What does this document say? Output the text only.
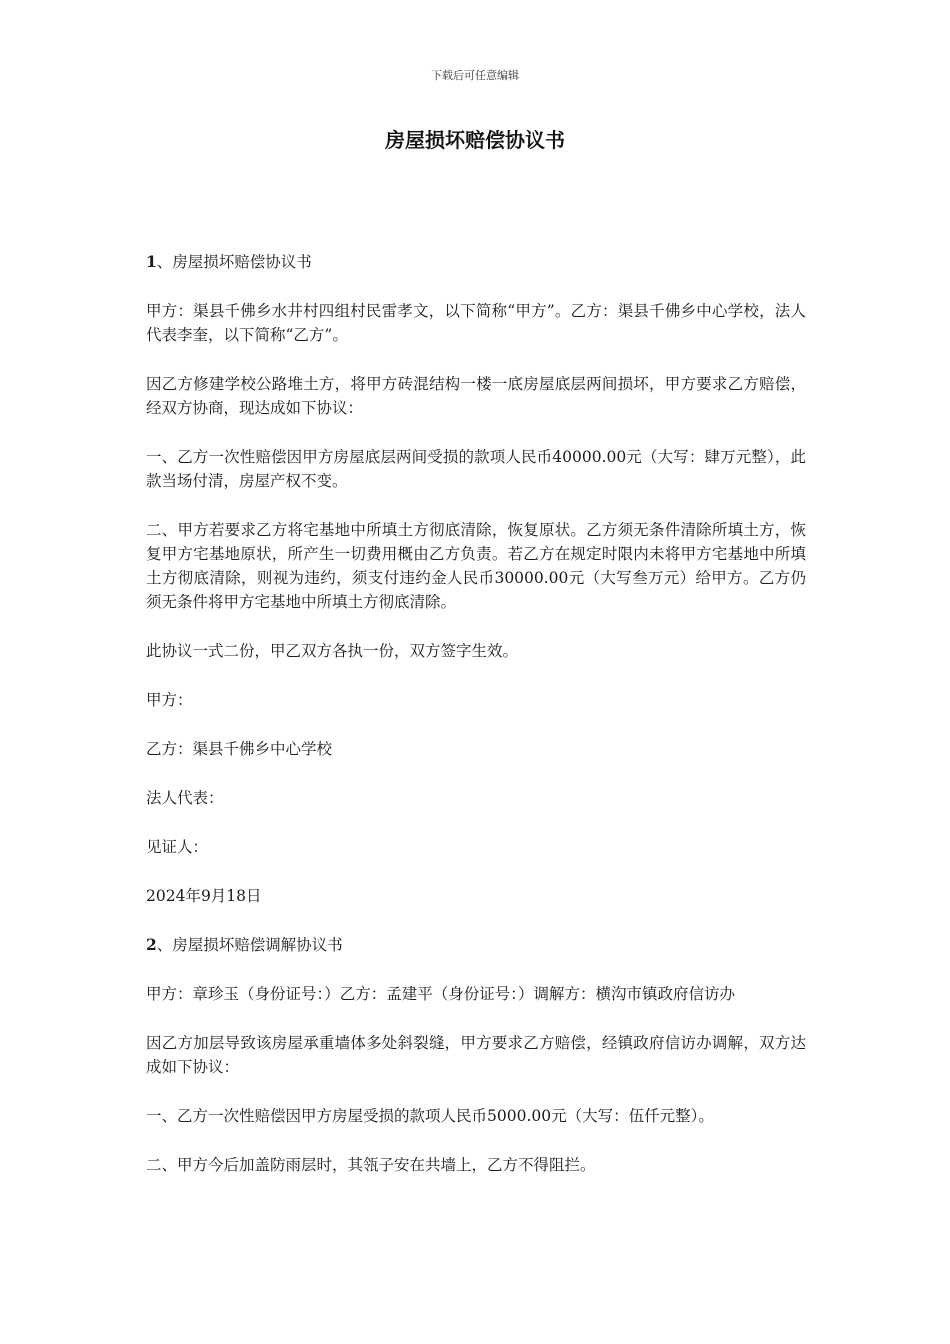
下载后可任意编辑
房屋损坏赔偿协议书

1、房屋损坏赔偿协议书

甲方：渠县千佛乡水井村四组村民雷孝文，以下简称“甲方”。乙方：渠县千佛乡中心学校，法人代表李奎，以下简称“乙方”。

因乙方修建学校公路堆土方，将甲方砖混结构一楼一底房屋底层两间损坏，甲方要求乙方赔偿，经双方协商，现达成如下协议：

一、乙方一次性赔偿因甲方房屋底层两间受损的款项人民币40000.00元（大写：肆万元整），此款当场付清，房屋产权不变。

二、甲方若要求乙方将宅基地中所填土方彻底清除，恢复原状。乙方须无条件清除所填土方，恢复甲方宅基地原状，所产生一切费用概由乙方负责。若乙方在规定时限内未将甲方宅基地中所填土方彻底清除，则视为违约，须支付违约金人民币30000.00元（大写叁万元）给甲方。乙方仍须无条件将甲方宅基地中所填土方彻底清除。

此协议一式二份，甲乙双方各执一份，双方签字生效。

甲方：

乙方：渠县千佛乡中心学校

法人代表：

见证人：

2024年9月18日

2、房屋损坏赔偿调解协议书

甲方：章珍玉（身份证号：）乙方：孟建平（身份证号：）调解方：横沟市镇政府信访办

因乙方加层导致该房屋承重墙体多处斜裂缝，甲方要求乙方赔偿，经镇政府信访办调解，双方达成如下协议：

一、乙方一次性赔偿因甲方房屋受损的款项人民币5000.00元（大写：伍仟元整）。

二、甲方今后加盖防雨层时，其瓴子安在共墙上，乙方不得阻拦。
